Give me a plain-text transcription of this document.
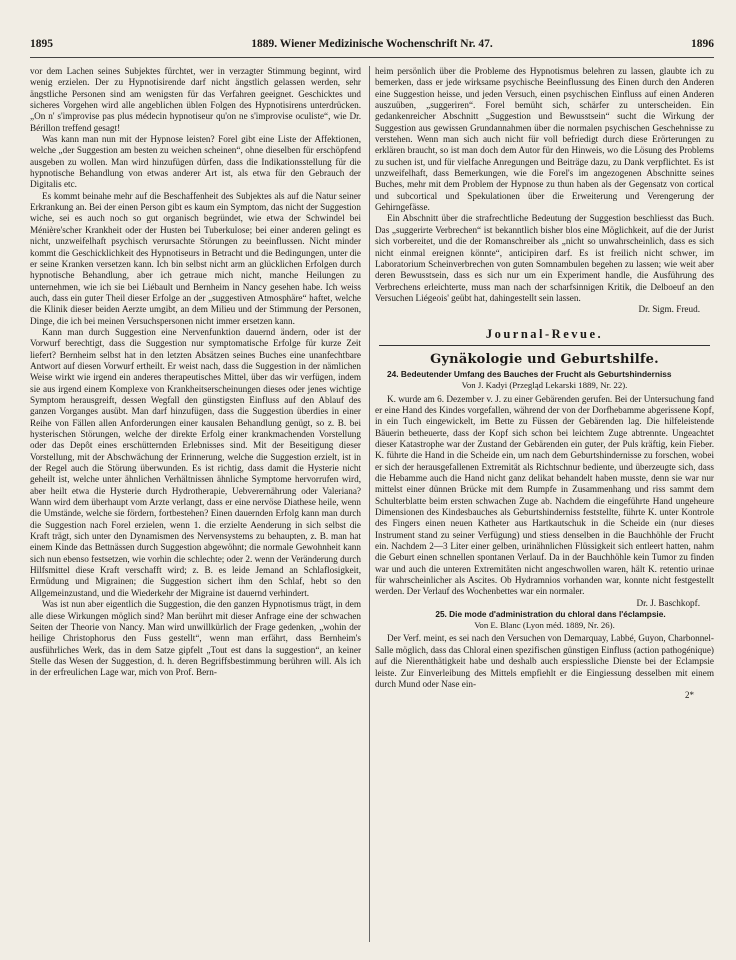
1895	1889. Wiener Medizinische Wochenschrift Nr. 47.	1896

vor dem Lachen seines Subjektes fürchtet, wer in verzagter Stimmung beginnt, wird wenig erzielen. Der zu Hypnotisirende darf nicht ängstlich gelassen werden, sehr ängstliche Personen sind am wenigsten für das Verfahren geeignet. Geschicktes und sicheres Vorgehen wird alle angeblichen üblen Folgen des Hypnotisirens unterdrücken. „On n' s'improvise pas plus médecin hypnotiseur qu'on ne s'improvise oculiste“, wie Dr. Bérillon treffend gesagt!

Was kann man nun mit der Hypnose leisten? Forel gibt eine Liste der Affektionen, welche „der Suggestion am besten zu weichen scheinen“, ohne dieselben für erschöpfend ausgeben zu wollen. Man wird hinzufügen dürfen, dass die Indikationsstellung für die hypnotische Behandlung von etwas anderer Art ist, als etwa für den Gebrauch der Digitalis etc.

Es kommt beinahe mehr auf die Beschaffenheit des Subjektes als auf die Natur seiner Erkrankung an. Bei der einen Person gibt es kaum ein Symptom, das nicht der Suggestion wiche, sei es auch noch so gut organisch begründet, wie etwa der Schwindel bei Ménière'scher Krankheit oder der Husten bei Tuberkulose; bei einer anderen gelingt es nicht, unzweifelhaft psychisch verursachte Störungen zu beeinflussen. Nicht minder kommt die Geschicklichkeit des Hypnotiseurs in Betracht und die Bedingungen, unter die er seine Kranken versetzen kann. Ich bin selbst nicht arm an glücklichen Erfolgen durch hypnotische Behandlung, aber ich getraue mich nicht, manche Heilungen zu unternehmen, wie ich sie bei Liébault und Bernheim in Nancy gesehen habe. Ich weiss auch, dass ein guter Theil dieser Erfolge an der „suggestiven Atmosphäre“ haftet, welche die Klinik dieser beiden Aerzte umgibt, an dem Milieu und der Stimmung der Personen, Dinge, die ich bei meinen Versuchspersonen nicht immer ersetzen kann.

Kann man durch Suggestion eine Nervenfunktion dauernd ändern, oder ist der Vorwurf berechtigt, dass die Suggestion nur symptomatische Erfolge für kurze Zeit liefert? Bernheim selbst hat in den letzten Absätzen seines Buches eine unanfechtbare Antwort auf diesen Vorwurf ertheilt. Er weist nach, dass die Suggestion in der nämlichen Weise wirkt wie irgend ein anderes therapeutisches Mittel, über das wir verfügen, indem sie aus irgend einem Komplexe von Krankheitserscheinungen dieses oder jenes wichtige Symptom herausgreift, dessen Wegfall den günstigsten Einfluss auf den Ablauf des ganzen Vorganges ausübt. Man darf hinzufügen, dass die Suggestion überdies in einer Reihe von Fällen allen Anforderungen einer kausalen Behandlung genügt, so z. B. bei hysterischen Störungen, welche der direkte Erfolg einer krankmachenden Vorstellung oder das Depôt eines erschütternden Erlebnisses sind. Mit der Beseitigung dieser Vorstellung, mit der Abschwächung der Erinnerung, welche die Suggestion erzielt, ist in der Regel auch die Störung überwunden. Es ist richtig, dass damit die Hysterie nicht geheilt ist, welche unter ähnlichen Verhältnissen ähnliche Symptome hervorrufen wird, aber heilt etwa die Hysterie durch Hydrotherapie, Uebverernährung oder Valeriana? Wann wird dem überhaupt vom Arzte verlangt, dass er eine nervöse Diathese heile, wenn die Umstände, welche sie fördern, fortbestehen? Einen dauernden Erfolg kann man durch die Suggestion nach Forel erzielen, wenn 1. die erzielte Aenderung in sich selbst die Kraft trägt, sich unter den Dynamismen des Nervensystems zu behaupten, z. B. man hat einem Kinde das Bettnässen durch Suggestion abgewöhnt; die normale Gewohnheit kann sich nun ebenso festsetzen, wie vorhin die schlechte; oder 2. wenn der Veränderung durch Hilfsmittel diese Kraft verschafft wird; z. B. es leide Jemand an Schlaflosigkeit, Ermüdung und Migrainen; die Suggestion sichert ihm den Schlaf, hebt so den Allgemeinzustand, und die Wiederkehr der Migraine ist dauernd verhindert.

Was ist nun aber eigentlich die Suggestion, die den ganzen Hypnotismus trägt, in dem alle diese Wirkungen möglich sind? Man berührt mit dieser Anfrage eine der schwachen Seiten der Theorie von Nancy. Man wird unwillkürlich der Frage gedenken, „wohin der heilige Christophorus den Fuss gestellt“, wenn man erfährt, dass Bernheim's ausführliches Werk, das in dem Satze gipfelt „Tout est dans la suggestion“, an keiner Stelle das Wesen der Suggestion, d. h. deren Begriffsbestimmung berühren will. Als ich in der erfreulichen Lage war, mich von Prof. Bern-

heim persönlich über die Probleme des Hypnotismus belehren zu lassen, glaubte ich zu bemerken, dass er jede wirksame psychische Beeinflussung des Einen durch den Anderen eine Suggestion heisse, und jeden Versuch, einen psychischen Einfluss auf einen Anderen auszuüben, „suggeriren“. Forel bemüht sich, schärfer zu unterscheiden. Ein gedankenreicher Abschnitt „Suggestion und Bewusstsein“ sucht die Wirkung der Suggestion aus gewissen Grundannahmen über die normalen psychischen Geschehnisse zu verstehen. Wenn man sich auch nicht für voll befriedigt durch diese Erörterungen zu erklären braucht, so ist man doch dem Autor für den Hinweis, wo die Lösung des Problems zu suchen ist, und für vielfache Anregungen und Beiträge dazu, zu Dank verpflichtet. Es ist unzweifelhaft, dass Bemerkungen, wie die Forel's im angezogenen Abschnitte seines Buches, mehr mit dem Problem der Hypnose zu thun haben als der Gegensatz von cortical und subcortical und Spekulationen über die Erweiterung und Verengerung der Gehirngefässe.

Ein Abschnitt über die strafrechtliche Bedeutung der Suggestion beschliesst das Buch. Das „suggerirte Verbrechen“ ist bekanntlich bisher blos eine Möglichkeit, auf die der Jurist sich vorbereitet, und die der Romanschreiber als „nicht so unwahrscheinlich, dass es sich nicht einmal ereignen könnte“, anticipiren darf. Es ist freilich nicht schwer, im Laboratorium Scheinverbrechen von guten Somnambulen begehen zu lassen; wie weit aber deren Bewusstsein, dass es sich nur um ein Experiment handle, die Ausführung des Verbrechens erleichterte, muss man nach der scharfsinnigen Kritik, die Delboeuf an den Versuchen Liégeois' geübt hat, dahingestellt sein lassen.

Dr. Sigm. Freud.

Journal-Revue.
Gynäkologie und Geburtshilfe.

24. Bedeutender Umfang des Bauches der Frucht als Geburtshinderniss

Von J. Kadyi (Przegląd Lekarski 1889, Nr. 22).

K. wurde am 6. Dezember v. J. zu einer Gebärenden gerufen. Bei der Untersuchung fand er eine Hand des Kindes vorgefallen, während der von der Dorfhebamme abgerissene Kopf, in ein Tuch eingewickelt, im Bette zu Füssen der Gebärenden lag. Die hilfeleistende Bäuerin betheuerte, dass der Kopf sich schon bei leichtem Zuge abtrennte. Ungeachtet dieser Katastrophe war der Zustand der Gebärenden ein guter, der Puls kräftig, kein Fieber. K. führte die Hand in die Scheide ein, um nach dem Geburtshindernisse zu forschen, wobei er sich der herausgefallenen Extremität als Richtschnur bediente, und überzeugte sich, dass die Hebamme auch die Hand nicht ganz delikat behandelt haben musste, denn sie war nur mittelst einer dünnen Brücke mit dem Rumpfe in Zusammenhang und riss sammt dem Schulterblatte beim ersten schwachen Zuge ab. Nachdem die eingeführte Hand ungeheure Dimensionen des Kindesbauches als Geburtshinderniss feststellte, führte K. unter Kontrole des Fingers einen neuen Katheter aus Hartkautschuk in die Scheide ein (nur dieses Instrument stand zu seiner Verfügung) und stiess denselben in die Bauchhöhle der Frucht ein. Nachdem 2—3 Liter einer gelben, urinähnlichen Flüssigkeit sich entleert hatten, nahm die Geburt einen schnellen spontanen Verlauf. Da in der Bauchhöhle kein Tumor zu finden war und auch die unteren Extremitäten nicht angeschwollen waren, hält K. retentio urinae für wahrscheinlicher als Ascites. Ob Hydramnios vorhanden war, konnte nicht festgestellt werden. Der Verlauf des Wochenbettes war ein normaler.

Dr. J. Baschkopf.

25. Die mode d'administration du chloral dans l'éclampsie.

Von E. Blanc (Lyon méd. 1889, Nr. 26).

Der Verf. meint, es sei nach den Versuchen von Demarquay, Labbé, Guyon, Charbonnel-Salle möglich, dass das Chloral einen spezifischen günstigen Einfluss (action pathogénique) auf die Nierenthätigkeit habe und deshalb auch erspiessliche Dienste bei der Eclampsie leiste. Zur Einverleibung des Mittels empfiehlt er die Eingiessung desselben mit einem durch Mund oder Nase ein-

2*
